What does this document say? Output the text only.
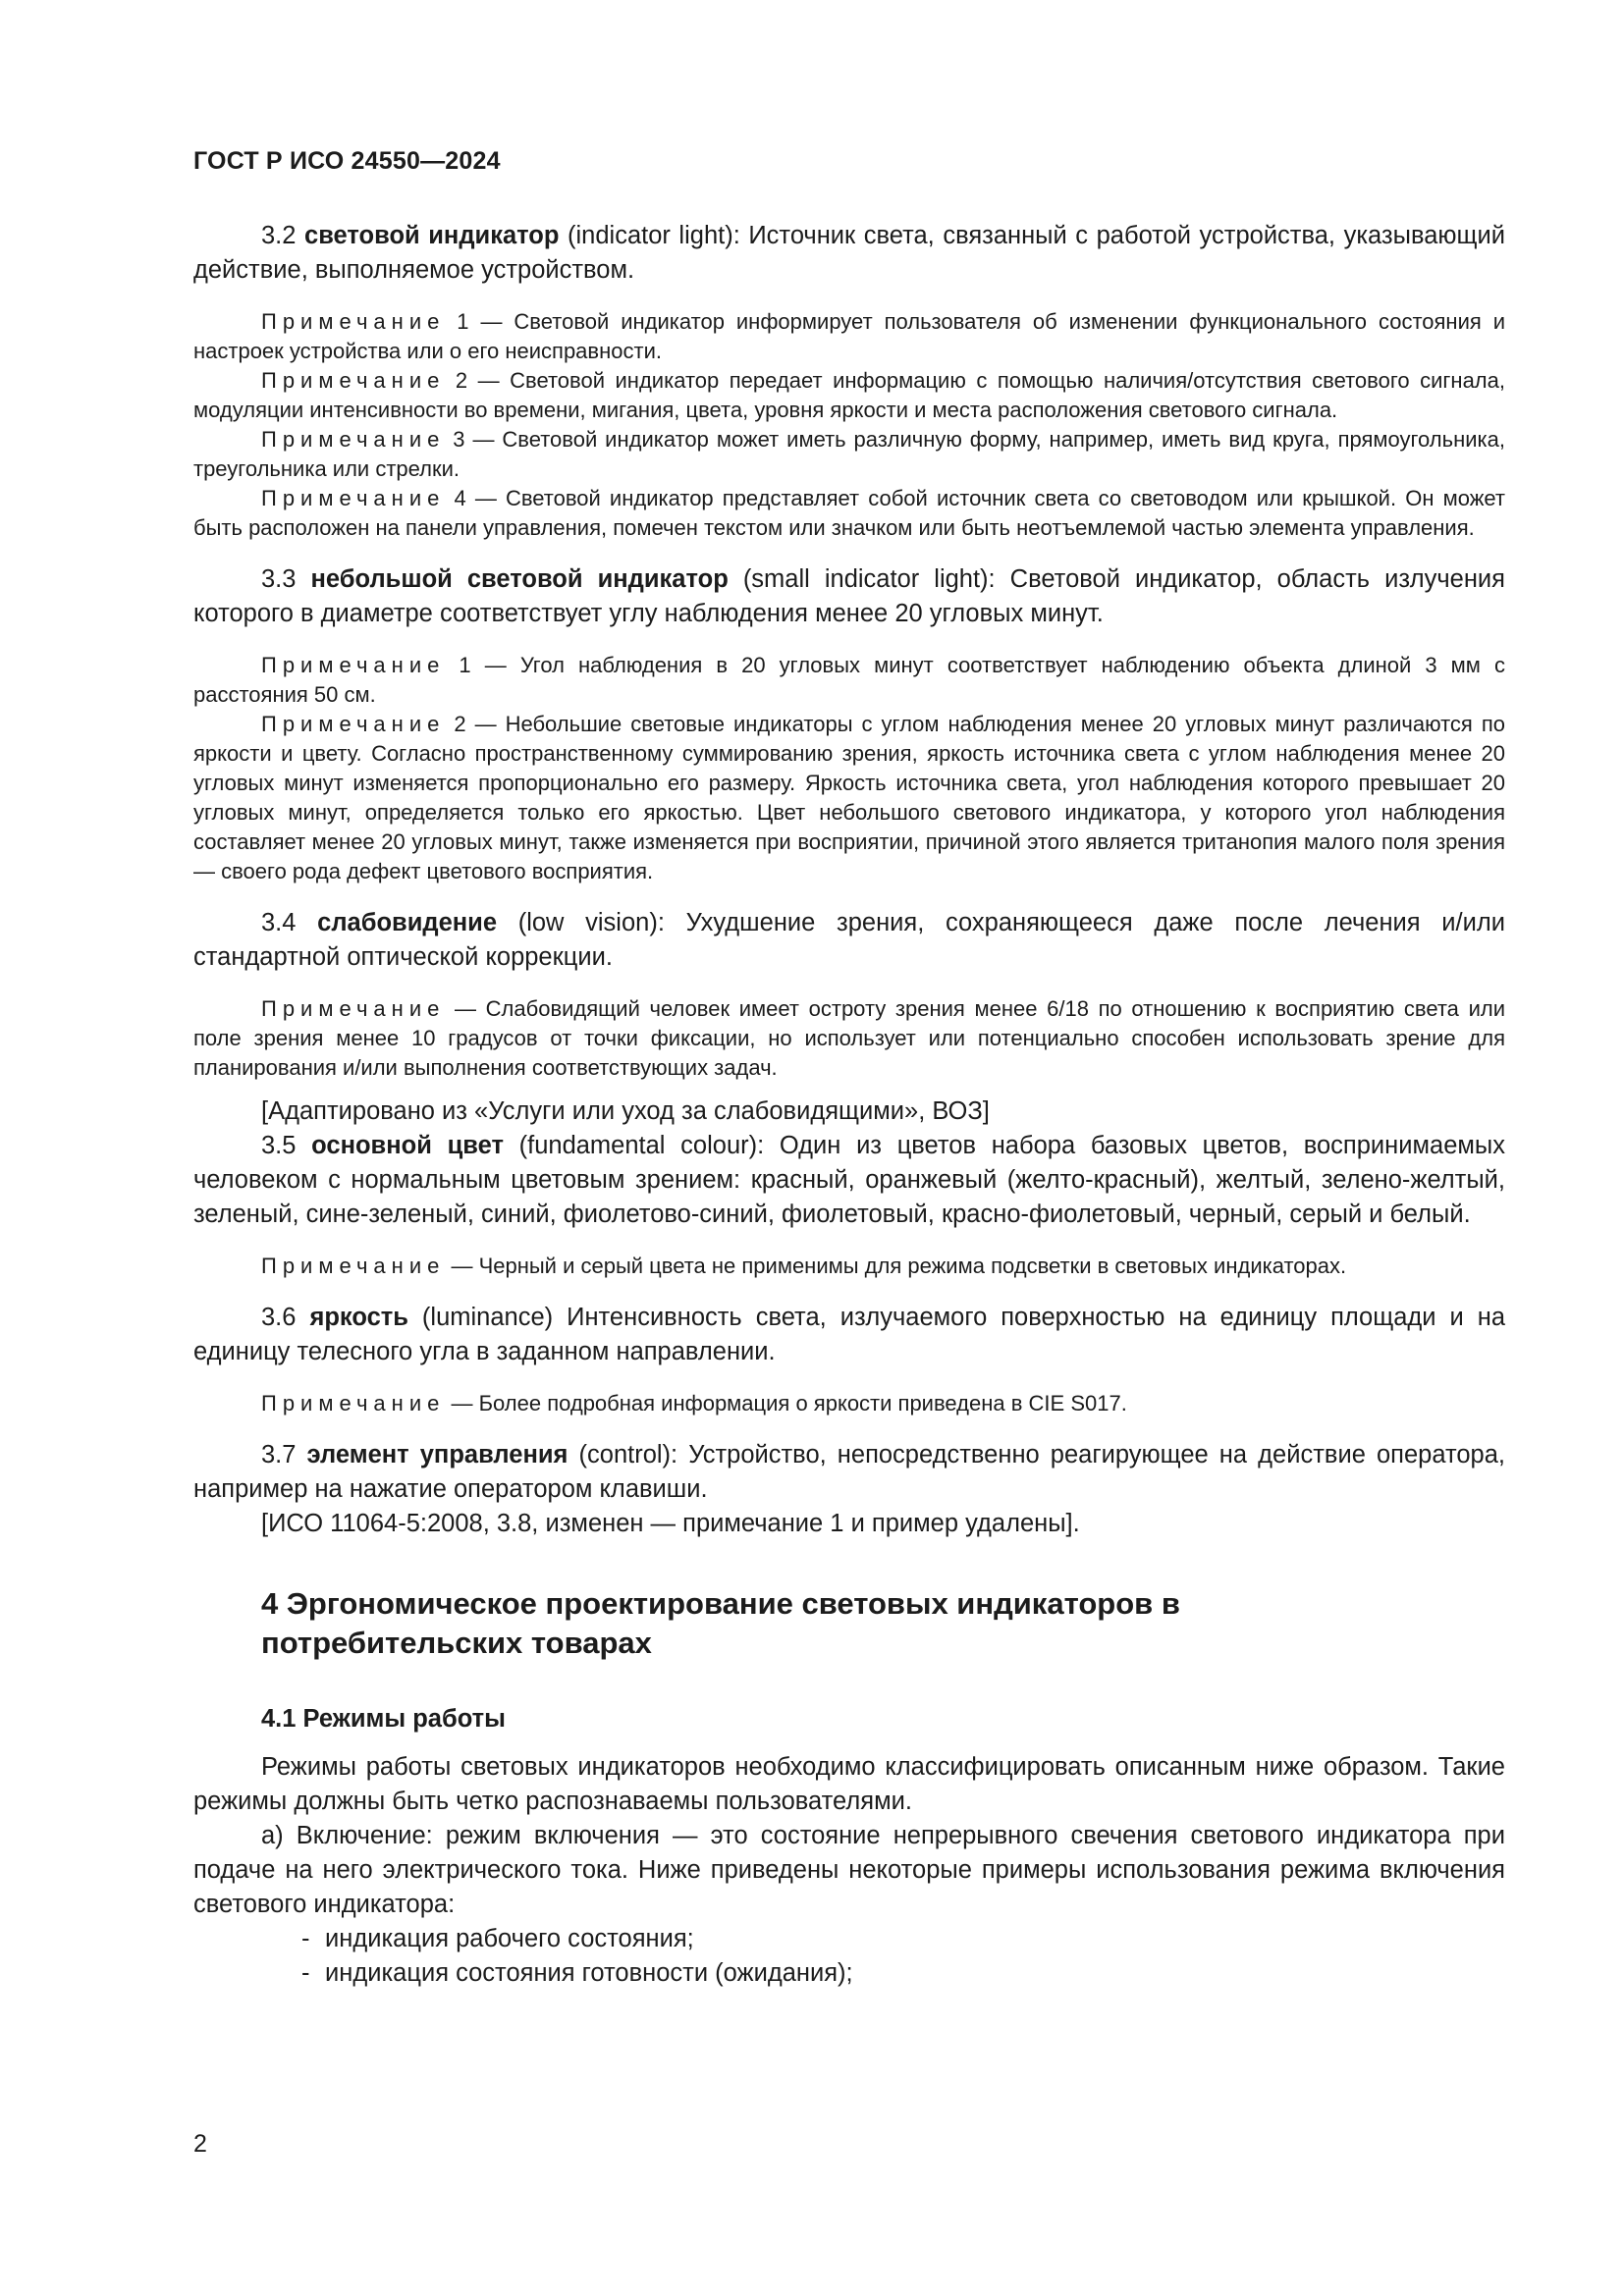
ГОСТ Р ИСО 24550—2024

3.2 световой индикатор (indicator light): Источник света, связанный с работой устройства, указывающий действие, выполняемое устройством.

Примечание 1 — Световой индикатор информирует пользователя об изменении функционального состояния и настроек устройства или о его неисправности.

Примечание 2 — Световой индикатор передает информацию с помощью наличия/отсутствия светового сигнала, модуляции интенсивности во времени, мигания, цвета, уровня яркости и места расположения светового сигнала.

Примечание 3 — Световой индикатор может иметь различную форму, например, иметь вид круга, прямоугольника, треугольника или стрелки.

Примечание 4 — Световой индикатор представляет собой источник света со световодом или крышкой. Он может быть расположен на панели управления, помечен текстом или значком или быть неотъемлемой частью элемента управления.

3.3 небольшой световой индикатор (small indicator light): Световой индикатор, область излучения которого в диаметре соответствует углу наблюдения менее 20 угловых минут.

Примечание 1 — Угол наблюдения в 20 угловых минут соответствует наблюдению объекта длиной 3 мм с расстояния 50 см.

Примечание 2 — Небольшие световые индикаторы с углом наблюдения менее 20 угловых минут различаются по яркости и цвету. Согласно пространственному суммированию зрения, яркость источника света с углом наблюдения менее 20 угловых минут изменяется пропорционально его размеру. Яркость источника света, угол наблюдения которого превышает 20 угловых минут, определяется только его яркостью. Цвет небольшого светового индикатора, у которого угол наблюдения составляет менее 20 угловых минут, также изменяется при восприятии, причиной этого является тританопия малого поля зрения — своего рода дефект цветового восприятия.

3.4 слабовидение (low vision): Ухудшение зрения, сохраняющееся даже после лечения и/или стандартной оптической коррекции.

Примечание — Слабовидящий человек имеет остроту зрения менее 6/18 по отношению к восприятию света или поле зрения менее 10 градусов от точки фиксации, но использует или потенциально способен использовать зрение для планирования и/или выполнения соответствующих задач.

[Адаптировано из «Услуги или уход за слабовидящими», ВОЗ]

3.5 основной цвет (fundamental colour): Один из цветов набора базовых цветов, воспринимаемых человеком с нормальным цветовым зрением: красный, оранжевый (желто-красный), желтый, зелено-желтый, зеленый, сине-зеленый, синий, фиолетово-синий, фиолетовый, красно-фиолетовый, черный, серый и белый.

Примечание — Черный и серый цвета не применимы для режима подсветки в световых индикаторах.

3.6 яркость (luminance) Интенсивность света, излучаемого поверхностью на единицу площади и на единицу телесного угла в заданном направлении.

Примечание — Более подробная информация о яркости приведена в CIE S017.

3.7 элемент управления (control): Устройство, непосредственно реагирующее на действие оператора, например на нажатие оператором клавиши.

[ИСО 11064-5:2008, 3.8, изменен — примечание 1 и пример удалены].

4 Эргономическое проектирование световых индикаторов в потребительских товарах
4.1 Режимы работы

Режимы работы световых индикаторов необходимо классифицировать описанным ниже образом. Такие режимы должны быть четко распознаваемы пользователями.

a) Включение: режим включения — это состояние непрерывного свечения светового индикатора при подаче на него электрического тока. Ниже приведены некоторые примеры использования режима включения светового индикатора:

- индикация рабочего состояния;
- индикация состояния готовности (ожидания);
2
